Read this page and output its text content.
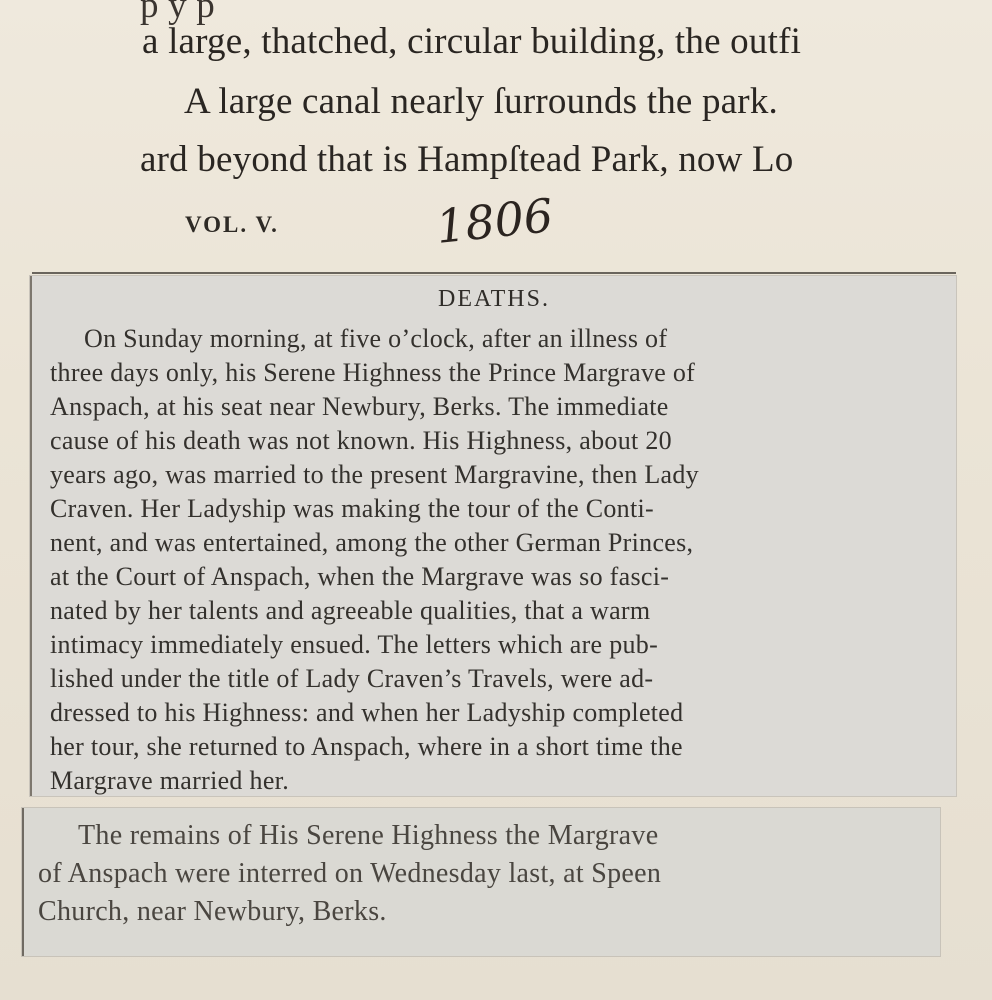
p y p
a large, thatched, circular building, the outfi
A large canal nearly ſurrounds the park.
ard beyond that is Hampſtead Park, now Lo
VOL. V.	1806
DEATHS.
On Sunday morning, at five o’clock, after an illness of
three days only, his Serene Highness the Prince Margrave of
Anspach, at his seat near Newbury, Berks. The immediate
cause of his death was not known. His Highness, about 20
years ago, was married to the present Margravine, then Lady
Craven. Her Ladyship was making the tour of the Conti-
nent, and was entertained, among the other German Princes,
at the Court of Anspach, when the Margrave was so fasci-
nated by her talents and agreeable qualities, that a warm
intimacy immediately ensued. The letters which are pub-
lished under the title of Lady Craven’s Travels, were ad-
dressed to his Highness: and when her Ladyship completed
her tour, she returned to Anspach, where in a short time the
Margrave married her.
The remains of His Serene Highness the Margrave
of Anspach were interred on Wednesday last, at Speen
Church, near Newbury, Berks.
